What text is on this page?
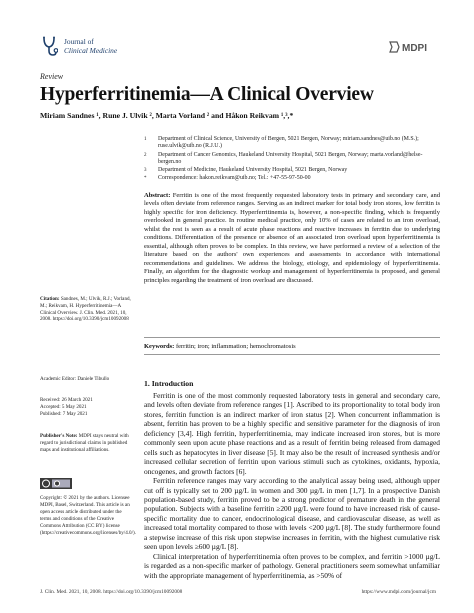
Journal of
Clinical Medicine	MDPI
Review
Hyperferritinemia—A Clinical Overview
Miriam Sandnes ¹, Rune J. Ulvik ², Marta Vorland ² and Håkon Reikvam ¹,³,*
1	Department of Clinical Science, University of Bergen, 5021 Bergen, Norway; miriam.sandnes@uib.no (M.S.); ruse.ulvik@uib.no (R.J.U.)
2	Department of Cancer Genomics, Haukeland University Hospital, 5021 Bergen, Norway; marta.vorland@helse-bergen.no
3	Department of Medicine, Haukeland University Hospital, 5021 Bergen, Norway
*	Correspondence: hakon.reikvam@uib.no; Tel.: +47-55-97-50-00
Abstract: Ferritin is one of the most frequently requested laboratory tests in primary and secondary care, and levels often deviate from reference ranges. Serving as an indirect marker for total body iron stores, low ferritin is highly specific for iron deficiency. Hyperferritinemia is, however, a non-specific finding, which is frequently overlooked in general practice. In routine medical practice, only 10% of cases are related to an iron overload, whilst the rest is seen as a result of acute phase reactions and reactive increases in ferritin due to underlying conditions. Differentiation of the presence or absence of an associated iron overload upon hyperferritinemia is essential, although often proves to be complex. In this review, we have performed a review of a selection of the literature based on the authors' own experiences and assessments in accordance with international recommendations and guidelines. We address the biology, etiology, and epidemiology of hyperferritinemia. Finally, an algorithm for the diagnostic workup and management of hyperferritinemia is proposed, and general principles regarding the treatment of iron overload are discussed.
Keywords: ferritin; iron; inflammation; hemochromatosis
Citation: Sandnes, M.; Ulvik, R.J.; Vorland, M.; Reikvam, H. Hyperferritinemia—A Clinical Overview. J. Clin. Med. 2021, 10, 2008. https://doi.org/10.3390/jcm10092008
Academic Editor: Daniele Tibullo

Received: 26 March 2021

Accepted: 5 May 2021

Published: 7 May 2021

Publisher's Note: MDPI stays neutral with regard to jurisdictional claims in published maps and institutional affiliations.
Copyright: © 2021 by the authors. Licensee MDPI, Basel, Switzerland. This article is an open access article distributed under the terms and conditions of the Creative Commons Attribution (CC BY) license (https://creativecommons.org/licenses/by/4.0/).
1. Introduction

Ferritin is one of the most commonly requested laboratory tests in general and secondary care, and levels often deviate from reference ranges [1]. Ascribed to its proportionality to total body iron stores, ferritin function is an indirect marker of iron status [2]. When concurrent inflammation is absent, ferritin has proven to be a highly specific and sensitive parameter for the diagnosis of iron deficiency [3,4]. High ferritin, hyperferritinemia, may indicate increased iron stores, but is more commonly seen upon acute phase reactions and as a result of ferritin being released from damaged cells such as hepatocytes in liver disease [5]. It may also be the result of increased synthesis and/or increased cellular secretion of ferritin upon various stimuli such as cytokines, oxidants, hypoxia, oncogenes, and growth factors [6].

Ferritin reference ranges may vary according to the analytical assay being used, although upper cut off is typically set to 200 µg/L in women and 300 µg/L in men [1,7]. In a prospective Danish population-based study, ferritin proved to be a strong predictor of premature death in the general population. Subjects with a baseline ferritin ≥200 µg/L were found to have increased risk of cause-specific mortality due to cancer, endocrinological disease, and cardiovascular disease, as well as increased total mortality compared to those with levels <200 µg/L [8]. The study furthermore found a stepwise increase of this risk upon stepwise increases in ferritin, with the highest cumulative risk seen upon levels ≥600 µg/L [8].

Clinical interpretation of hyperferritinemia often proves to be complex, and ferritin >1000 µg/L is regarded as a non-specific marker of pathology. General practitioners seem somewhat unfamiliar with the appropriate management of hyperferritinemia, as >50% of

J. Clin. Med. 2021, 10, 2008. https://doi.org/10.3390/jcm10092008	https://www.mdpi.com/journal/jcm
